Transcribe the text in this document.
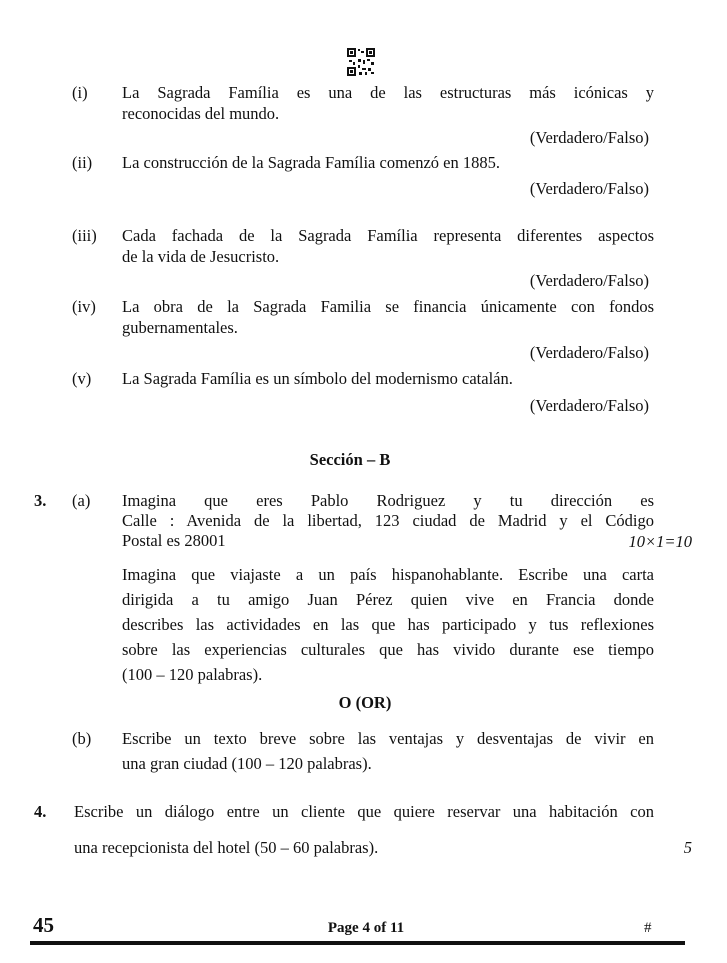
(i) La Sagrada Família es una de las estructuras más icónicas y
reconocidas del mundo.
(Verdadero/Falso)
(ii) La construcción de la Sagrada Família comenzó en 1885.
(Verdadero/Falso)
(iii) Cada fachada de la Sagrada Família representa diferentes aspectos
de la vida de Jesucristo.
(Verdadero/Falso)
(iv) La obra de la Sagrada Familia se financia únicamente con fondos
gubernamentales.
(Verdadero/Falso)
(v) La Sagrada Família es un símbolo del modernismo catalán.
(Verdadero/Falso)
Sección – B
3. (a) Imagina que eres Pablo Rodriguez y tu dirección es
Calle : Avenida de la libertad, 123 ciudad de Madrid y el Código
Postal es 28001	10×1=10
Imagina que viajaste a un país hispanohablante. Escribe una carta
dirigida a tu amigo Juan Pérez quien vive en Francia donde
describes las actividades en las que has participado y tus reflexiones
sobre las experiencias culturales que has vivido durante ese tiempo
(100 – 120 palabras).
O (OR)
(b) Escribe un texto breve sobre las ventajas y desventajas de vivir en
una gran ciudad (100 – 120 palabras).
4. Escribe un diálogo entre un cliente que quiere reservar una habitación con
una recepcionista del hotel (50 – 60 palabras).	5
45	Page 4 of 11	#
